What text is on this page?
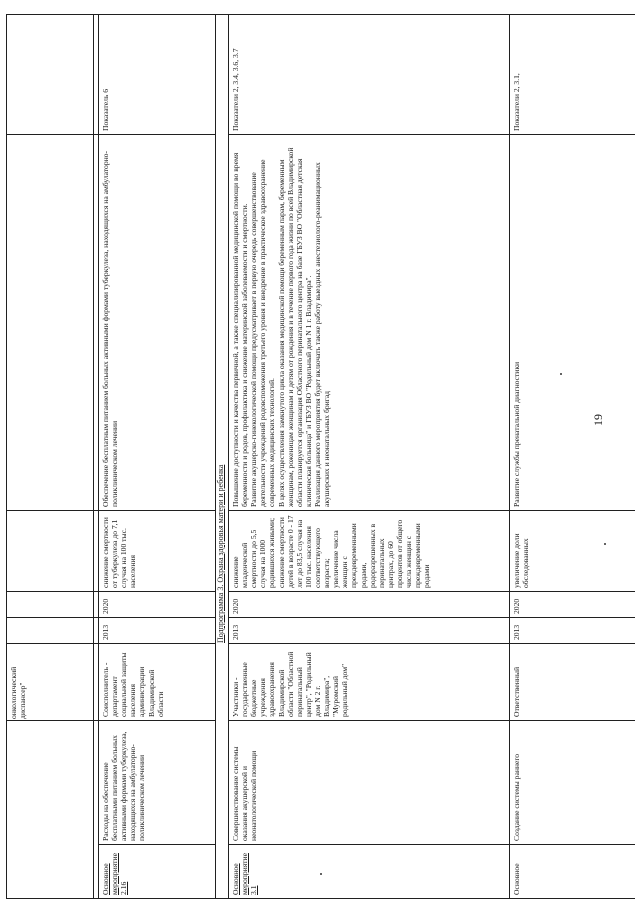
19
онкологический диспансер"
Основное мероприятие 2.16
Расходы на обеспечение бесплатными питанием больных активными формами туберкулеза, находящихся на амбулаторно-поликлиническом лечении
Соисполнитель - департамент социальной защиты населения администрации Владимирской области
2013
2020
снижение смертности от туберкулеза до 7,1 случая на 100 тыс. населения
Обеспечение бесплатным питанием больных активными формами туберкулеза, находящихся на амбулаторно-поликлиническом лечении
Показатель 6
Подпрограмма 3. Охрана здоровья матери и ребенка
Основное мероприятие 3.1
Совершенствование системы оказания акушерской и неонатологической помощи
Участники - государственные бюджетные учреждения здравоохранения Владимирской области "Областной перинатальный центр", "Родильный дом N 2 г. Владимира", "Муромский родильный дом"
2013
2020
снижение младенческой смертности до 5,5 случая на 1000 родившихся живыми; снижение смертности детей в возрасте 0 - 17 лет до 83,5 случая на 100 тыс. населения соответствующего возраста;
увеличение числа женщин с преждевременными родами, родоразрешенных в перинатальных центрах, до 60 процентов от общего числа женщин с преждевременными родами
Повышение доступности и качества первичной, а также специализированной медицинской помощи во время беременности и родов, профилактика и снижение материнской заболеваемости и смертности.
Развитие акушерско-гинекологической помощи предусматривает в первую очередь совершенствование деятельности учреждений родовспоможения третьего уровня и внедрение в практическое здравоохранение современных медицинских технологий.
В целях осуществления замкнутого цикла оказания медицинской помощи беременным парам, беременным женщинам, роженицам женщинам и детям от рождения и в течение первого года жизни по всей Владимирской области планируется организация Областного перинатального центра на базе ГБУЗ ВО "Областная детская клиническая больница" и ГБУЗ ВО "Родильный дом N 1 г. Владимира".
Реализация данного мероприятия будет включать также работу выездных анестезиолого-реанимационных акушерских и неонатальных бригад
Показатели 2, 3.4, 3.6, 3.7
Основное
Создание системы раннего
Ответственный
2013
2020
увеличение доли обследованных
Развитие службы пренатальной диагностики
Показатели 2, 3.1,
